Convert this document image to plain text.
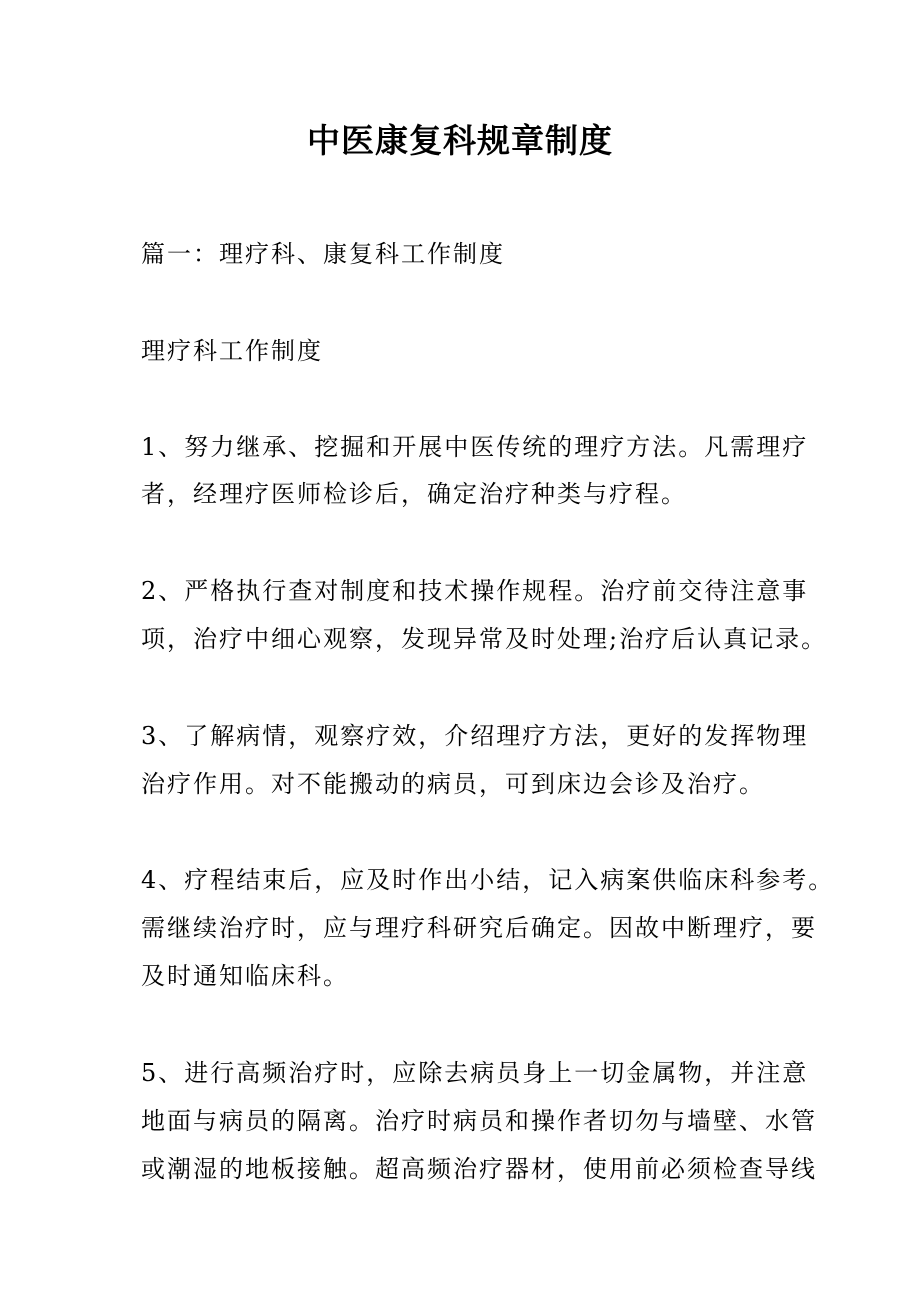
中医康复科规章制度
篇一：理疗科、康复科工作制度
理疗科工作制度
1、努力继承、挖掘和开展中医传统的理疗方法。凡需理疗
者，经理疗医师检诊后，确定治疗种类与疗程。
2、严格执行查对制度和技术操作规程。治疗前交待注意事
项，治疗中细心观察，发现异常及时处理;治疗后认真记录。
3、了解病情，观察疗效，介绍理疗方法，更好的发挥物理
治疗作用。对不能搬动的病员，可到床边会诊及治疗。
4、疗程结束后，应及时作出小结，记入病案供临床科参考。
需继续治疗时，应与理疗科研究后确定。因故中断理疗，要
及时通知临床科。
5、进行高频治疗时，应除去病员身上一切金属物，并注意
地面与病员的隔离。治疗时病员和操作者切勿与墙壁、水管
或潮湿的地板接触。超高频治疗器材，使用前必须检查导线
